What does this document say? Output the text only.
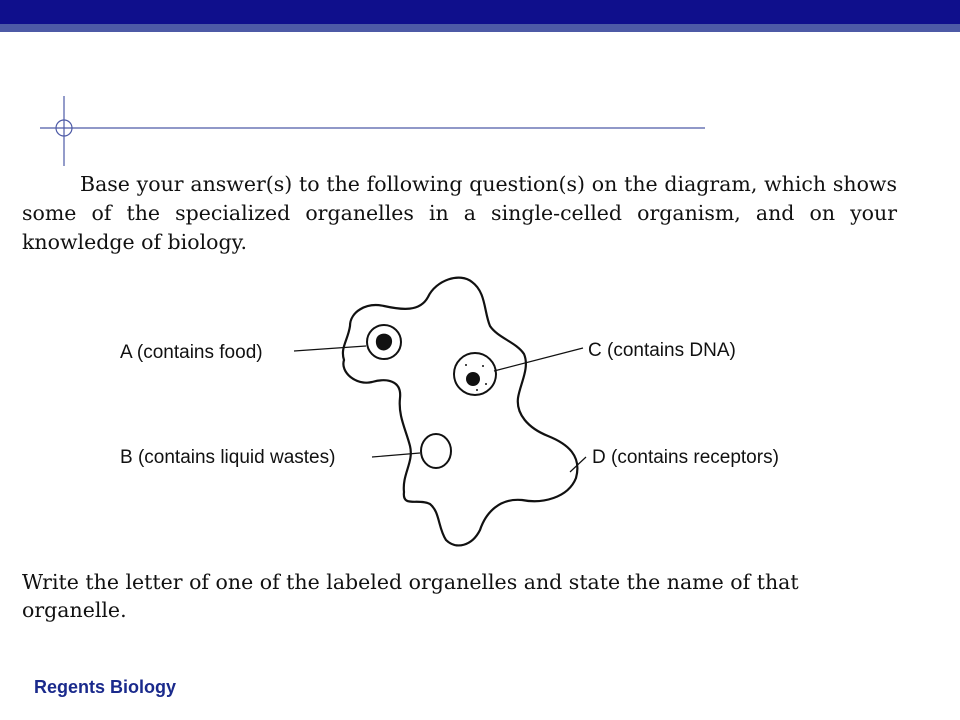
Base your answer(s) to the following question(s) on the diagram, which shows some of the specialized organelles in a single-celled organism, and on your knowledge of biology.

Write the letter of one of the labeled organelles and state the name of that organelle.

A (contains food)
B (contains liquid wastes)
C (contains DNA)
D (contains receptors)
Regents Biology
